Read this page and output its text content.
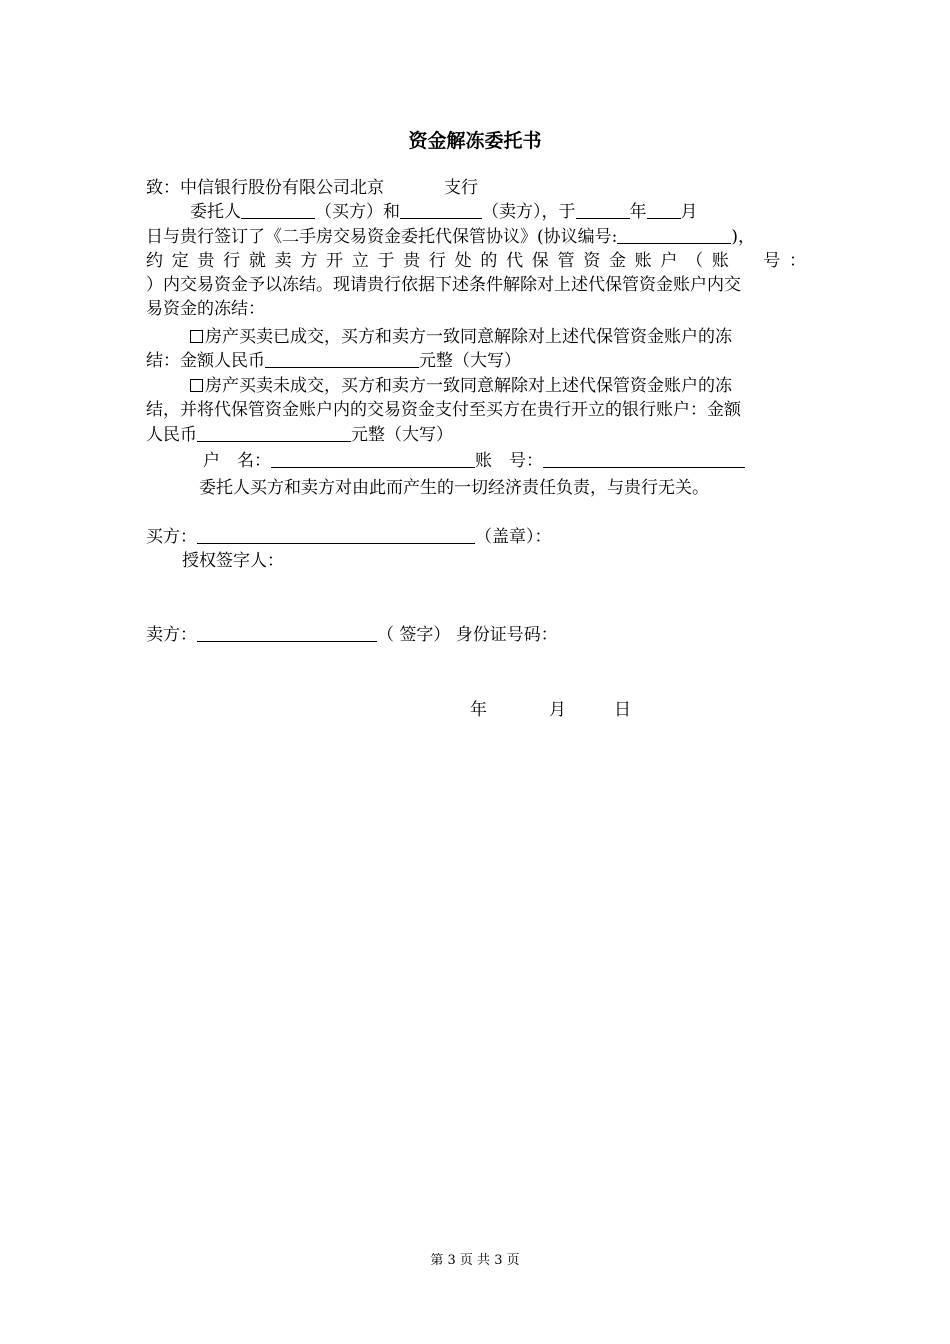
资金解冻委托书
致：中信银行股份有限公司北京	支行
委托人	（买方）和	（卖方），于	年 月
日与贵行签订了《二手房交易资金委托代保管协议》(协议编号:	)，
约定贵行就卖方开立于贵行处的代保管资金账户（账　号：
）内交易资金予以冻结。现请贵行依据下述条件解除对上述代保管资金账户内交
易资金的冻结：
房产买卖已成交，买方和卖方一致同意解除对上述代保管资金账户的冻
结：金额人民币	元整（大写）
房产买卖未成交，买方和卖方一致同意解除对上述代保管资金账户的冻
结，并将代保管资金账户内的交易资金支付至买方在贵行开立的银行账户：金额
人民币	元整（大写）
户　名：	账　号：
委托人买方和卖方对由此而产生的一切经济责任负责，与贵行无关。
买方：	（盖章）：
授权签字人：
卖方：	（ 签字） 身份证号码：
年	月	日
第 3 页 共 3 页
